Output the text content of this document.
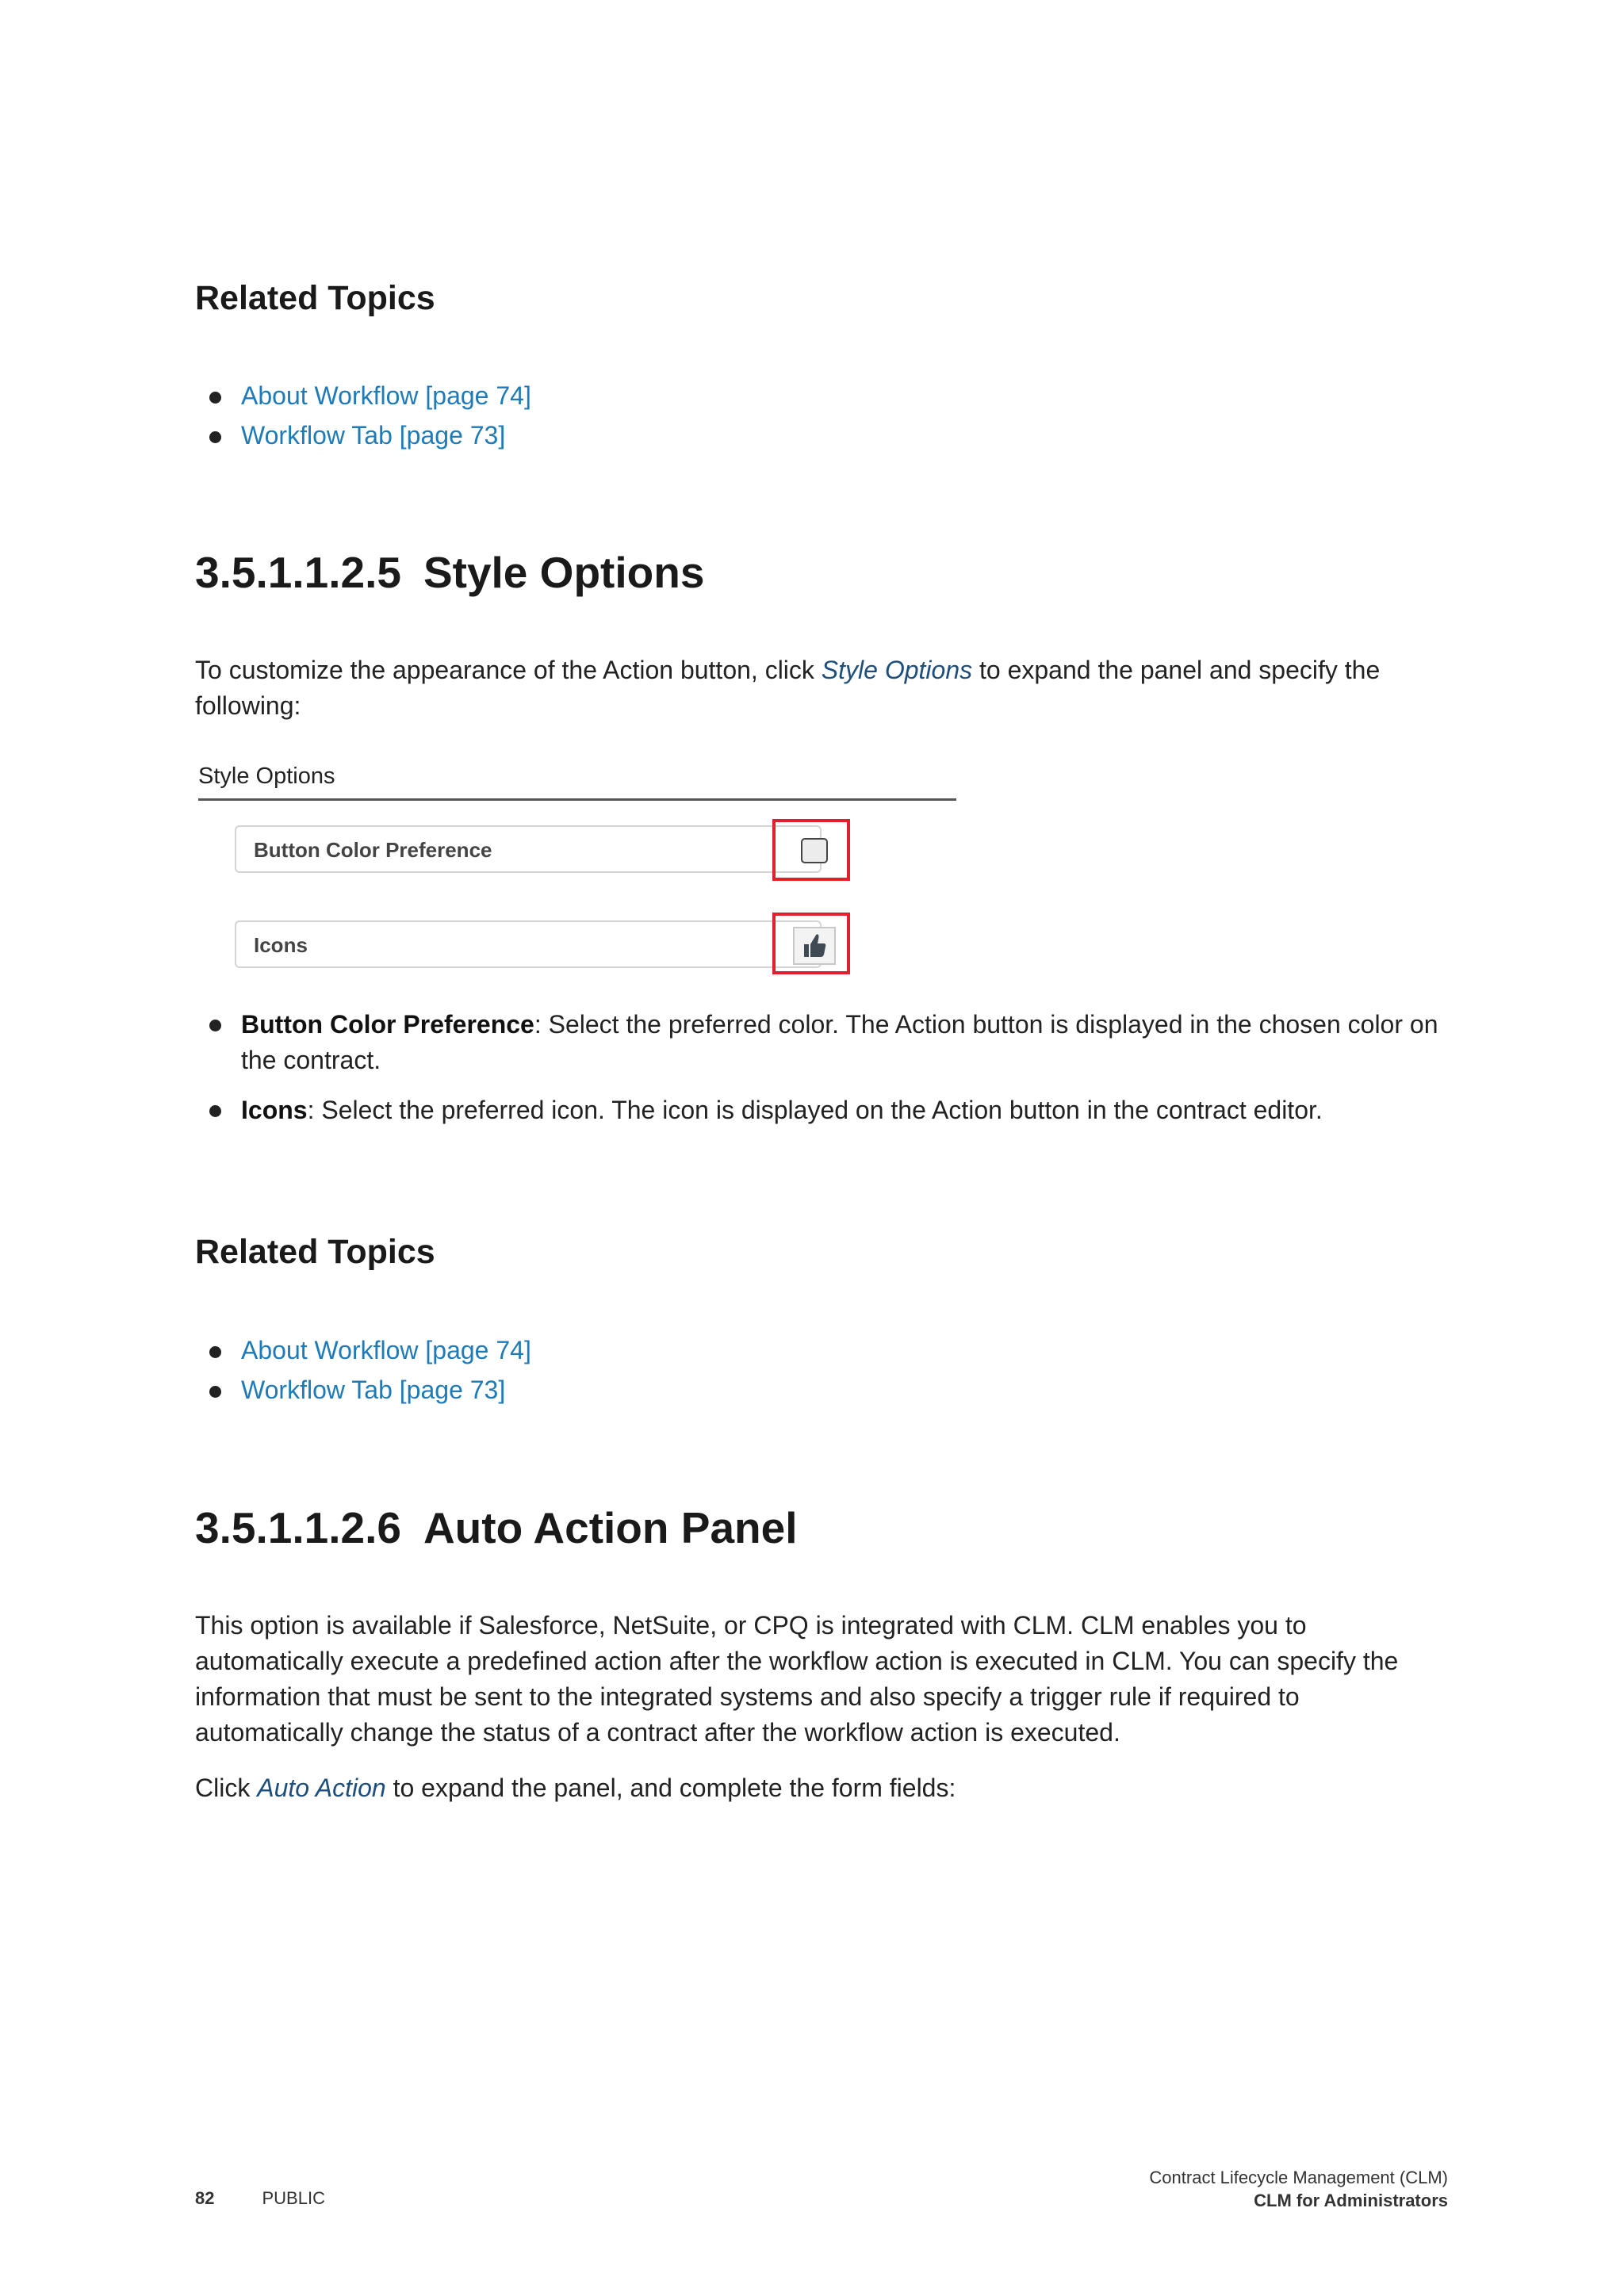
Related Topics
About Workflow [page 74]
Workflow Tab [page 73]
3.5.1.1.2.5 Style Options

To customize the appearance of the Action button, click Style Options to expand the panel and specify the following:

Style Options
Button Color Preference
Icons
Button Color Preference: Select the preferred color. The Action button is displayed in the chosen color on the contract.
Icons: Select the preferred icon. The icon is displayed on the Action button in the contract editor.
Related Topics
About Workflow [page 74]
Workflow Tab [page 73]
3.5.1.1.2.6 Auto Action Panel

This option is available if Salesforce, NetSuite, or CPQ is integrated with CLM. CLM enables you to automatically execute a predefined action after the workflow action is executed in CLM. You can specify the information that must be sent to the integrated systems and also specify a trigger rule if required to automatically change the status of a contract after the workflow action is executed.

Click Auto Action to expand the panel, and complete the form fields:

82	PUBLIC
Contract Lifecycle Management (CLM)
CLM for Administrators
